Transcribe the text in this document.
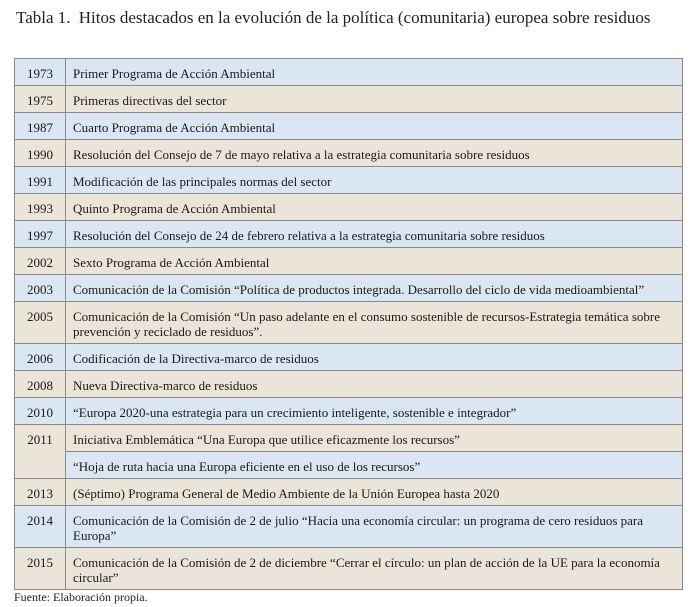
Tabla 1. Hitos destacados en la evolución de la política (comunitaria) europea sobre residuos
1973	Primer Programa de Acción Ambiental
1975	Primeras directivas del sector
1987	Cuarto Programa de Acción Ambiental
1990	Resolución del Consejo de 7 de mayo relativa a la estrategia comunitaria sobre residuos
1991	Modificación de las principales normas del sector
1993	Quinto Programa de Acción Ambiental
1997	Resolución del Consejo de 24 de febrero relativa a la estrategia comunitaria sobre residuos
2002	Sexto Programa de Acción Ambiental
2003	Comunicación de la Comisión “Política de productos integrada. Desarrollo del ciclo de vida medioambiental”
2005	Comunicación de la Comisión “Un paso adelante en el consumo sostenible de recursos-Estrategia temática sobre prevención y reciclado de residuos”.
2006	Codificación de la Directiva-marco de residuos
2008	Nueva Directiva-marco de residuos
2010	“Europa 2020-una estrategia para un crecimiento inteligente, sostenible e integrador”
2011	Iniciativa Emblemática “Una Europa que utilice eficazmente los recursos”
	“Hoja de ruta hacia una Europa eficiente en el uso de los recursos”
2013	(Séptimo) Programa General de Medio Ambiente de la Unión Europea hasta 2020
2014	Comunicación de la Comisión de 2 de julio “Hacia una economía circular: un programa de cero residuos para Europa”
2015	Comunicación de la Comisión de 2 de diciembre “Cerrar el círculo: un plan de acción de la UE para la economía circular”
Fuente: Elaboración propia.
